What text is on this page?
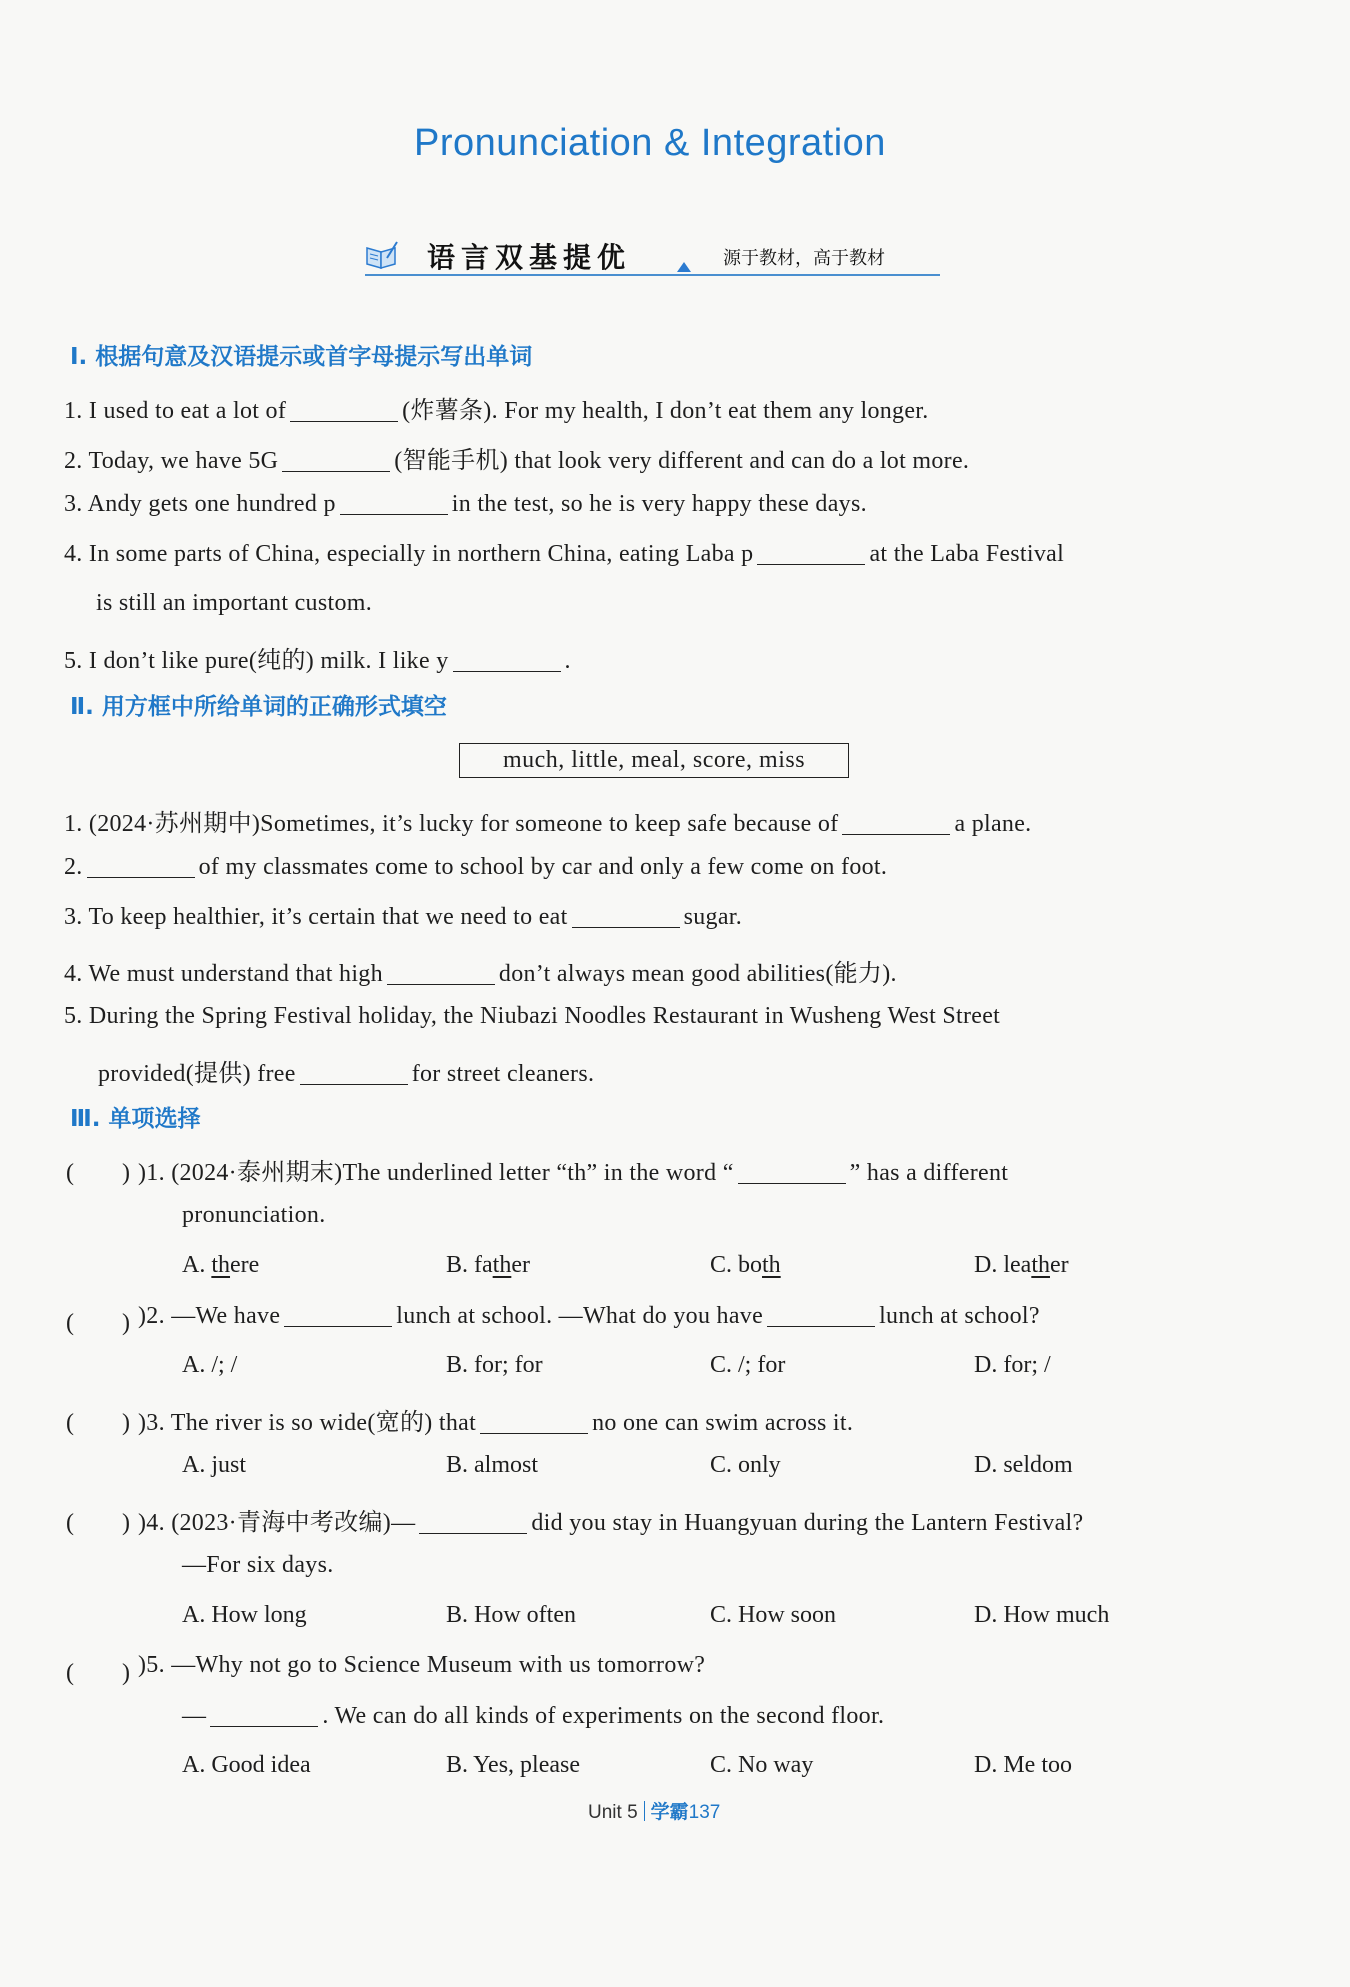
Pronunciation & Integration
语言双基提优	源于教材，高于教材
Ⅰ. 根据句意及汉语提示或首字母提示写出单词
1. I used to eat a lot of	(炸薯条). For my health, I don’t eat them any longer.
2. Today, we have 5G	(智能手机) that look very different and can do a lot more.
3. Andy gets one hundred p	in the test, so he is very happy these days.
4. In some parts of China, especially in northern China, eating Laba p	at the Laba Festival
is still an important custom.
5. I don’t like pure(纯的) milk. I like y	.
Ⅱ. 用方框中所给单词的正确形式填空
much, little, meal, score, miss
1. (2024·苏州期中)Sometimes, it’s lucky for someone to keep safe because of	a plane.
2.	of my classmates come to school by car and only a few come on foot.
3. To keep healthier, it’s certain that we need to eat	sugar.
4. We must understand that high	don’t always mean good abilities(能力).
5. During the Spring Festival holiday, the Niubazi Noodles Restaurant in Wusheng West Street
provided(提供) free	for street cleaners.
Ⅲ. 单项选择
(　　) )1. (2024·泰州期末)The underlined letter “th” in the word “	” has a different
pronunciation.
A. there	B. father	C. both	D. leather
(　　) )2. —We have	lunch at school. —What do you have	lunch at school?
A. /; /	B. for; for	C. /; for	D. for; /
(　　) )3. The river is so wide(宽的) that	no one can swim across it.
A. just	B. almost	C. only	D. seldom
(　　) )4. (2023·青海中考改编)—	did you stay in Huangyuan during the Lantern Festival?
—For six days.
A. How long	B. How often	C. How soon	D. How much
(　　) )5. —Why not go to Science Museum with us tomorrow?
—	. We can do all kinds of experiments on the second floor.
A. Good idea	B. Yes, please	C. No way	D. Me too
Unit 5 学霸137
